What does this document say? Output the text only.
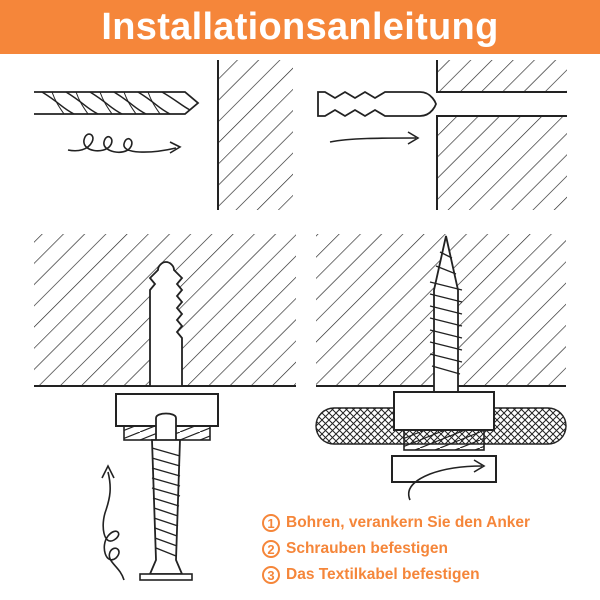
Installationsanleitung
1 Bohren, verankern Sie den Anker
2 Schrauben befestigen
3 Das Textilkabel befestigen
